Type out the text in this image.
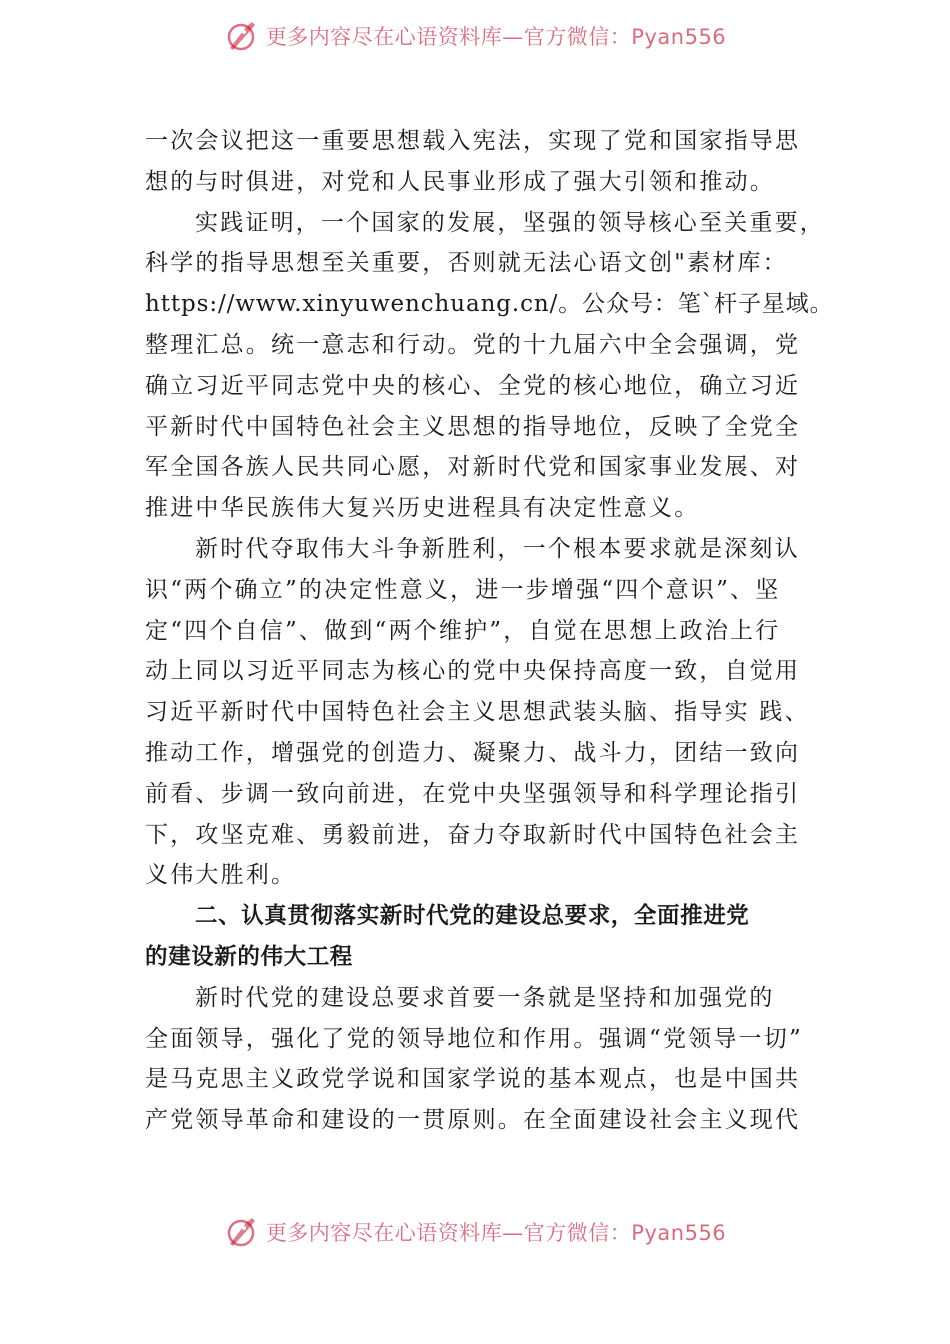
更多内容尽在心语资料库—官方微信：Pyan556
一次会议把这一重要思想载入宪法，实现了党和国家指导思
想的与时俱进，对党和人民事业形成了强大引领和推动。
实践证明，一个国家的发展，坚强的领导核心至关重要，
科学的指导思想至关重要，否则就无法心语文创"素材库：
https://www.xinyuwenchuang.cn/。公众号：笔`杆子星域。
整理汇总。统一意志和行动。党的十九届六中全会强调，党
确立习近平同志党中央的核心、全党的核心地位，确立习近
平新时代中国特色社会主义思想的指导地位，反映了全党全
军全国各族人民共同心愿，对新时代党和国家事业发展、对
推进中华民族伟大复兴历史进程具有决定性意义。
新时代夺取伟大斗争新胜利，一个根本要求就是深刻认
识“两个确立”的决定性意义，进一步增强“四个意识”、坚
定“四个自信”、做到“两个维护”，自觉在思想上政治上行
动上同以习近平同志为核心的党中央保持高度一致，自觉用
习近平新时代中国特色社会主义思想武装头脑、指导实 践、
推动工作，增强党的创造力、凝聚力、战斗力，团结一致向
前看、步调一致向前进，在党中央坚强领导和科学理论指引
下，攻坚克难、勇毅前进，奋力夺取新时代中国特色社会主
义伟大胜利。
二、认真贯彻落实新时代党的建设总要求，全面推进党
的建设新的伟大工程
新时代党的建设总要求首要一条就是坚持和加强党的
全面领导，强化了党的领导地位和作用。强调“党领导一切”
是马克思主义政党学说和国家学说的基本观点，也是中国共
产党领导革命和建设的一贯原则。在全面建设社会主义现代
更多内容尽在心语资料库—官方微信：Pyan556
